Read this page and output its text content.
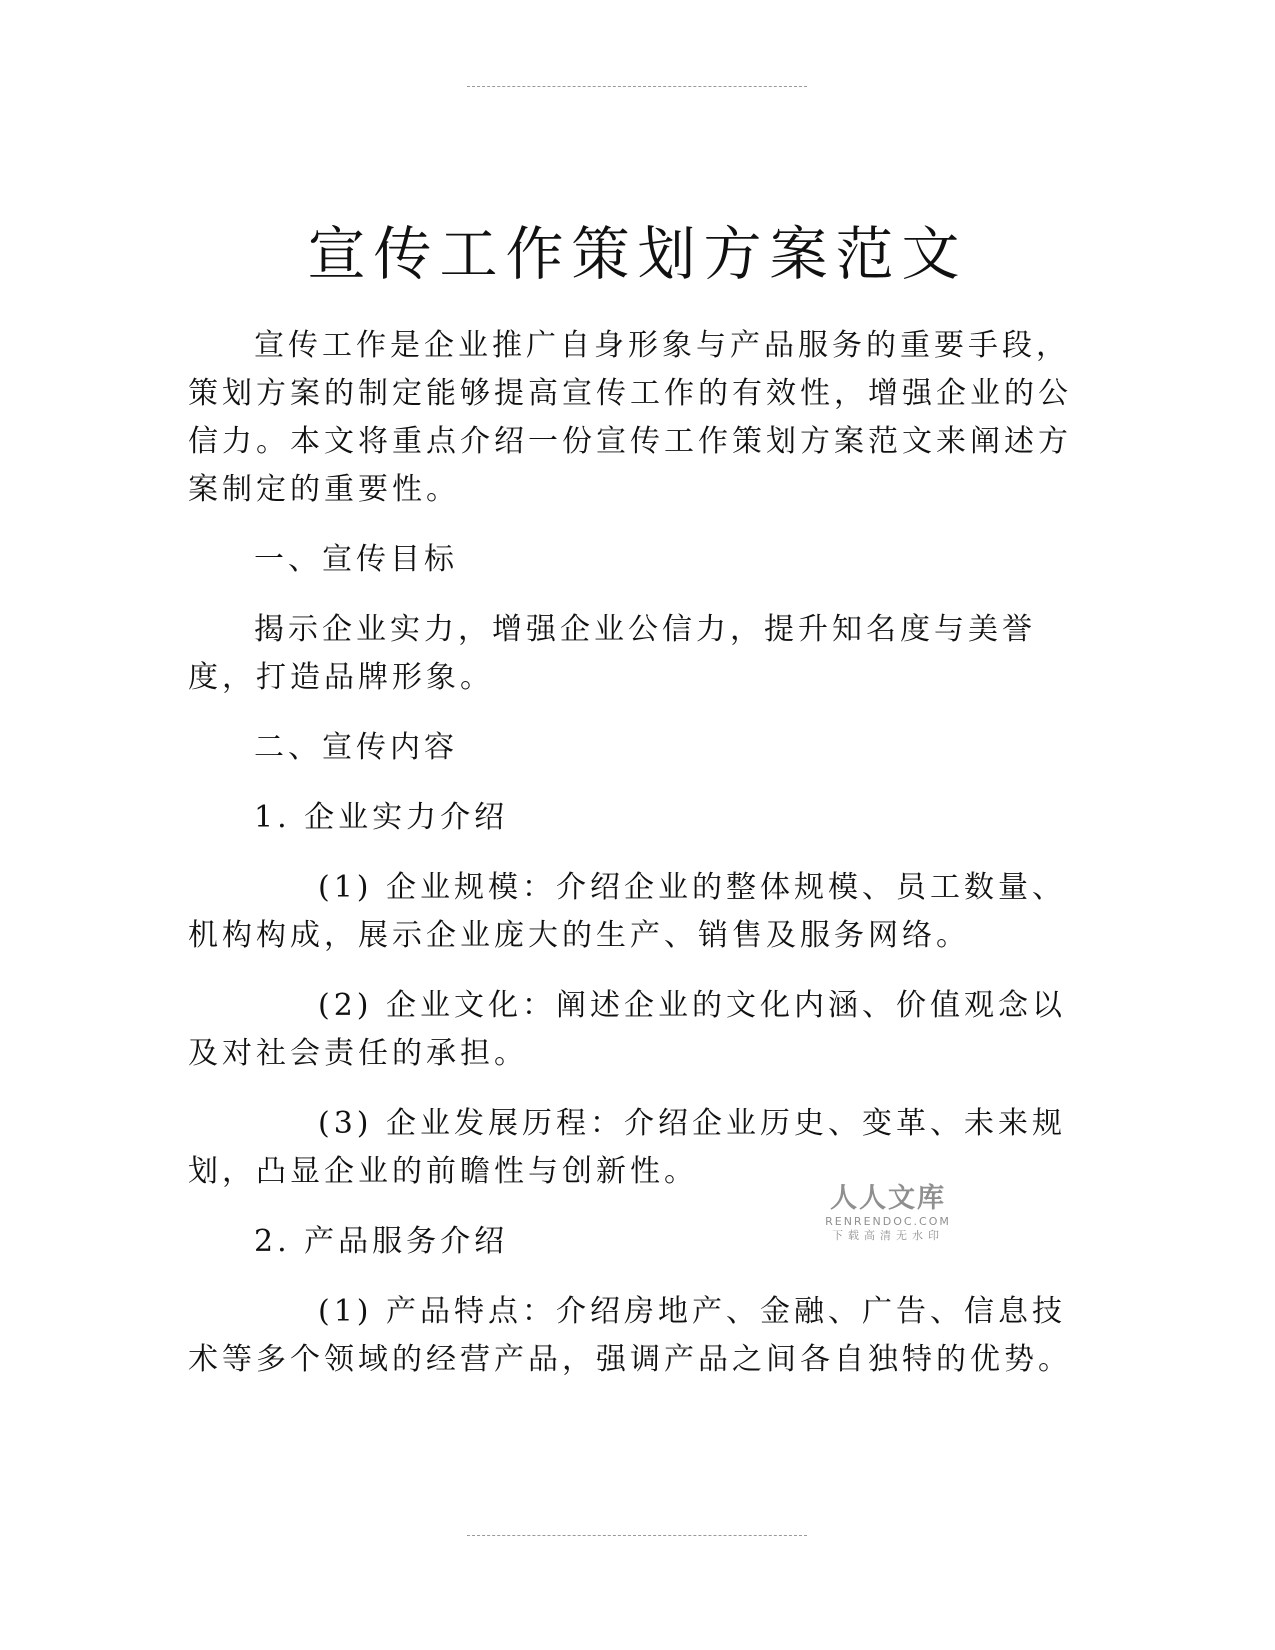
宣传工作策划方案范文

宣传工作是企业推广自身形象与产品服务的重要手段，策划方案的制定能够提高宣传工作的有效性，增强企业的公信力。本文将重点介绍一份宣传工作策划方案范文来阐述方案制定的重要性。

一、宣传目标

揭示企业实力，增强企业公信力，提升知名度与美誉度，打造品牌形象。

二、宣传内容

1. 企业实力介绍

(1) 企业规模：介绍企业的整体规模、员工数量、机构构成，展示企业庞大的生产、销售及服务网络。

(2) 企业文化：阐述企业的文化内涵、价值观念以及对社会责任的承担。

(3) 企业发展历程：介绍企业历史、变革、未来规划，凸显企业的前瞻性与创新性。

2. 产品服务介绍

(1) 产品特点：介绍房地产、金融、广告、信息技术等多个领域的经营产品，强调产品之间各自独特的优势。

人人文库
RENRENDOC.COM
下载高清无水印
